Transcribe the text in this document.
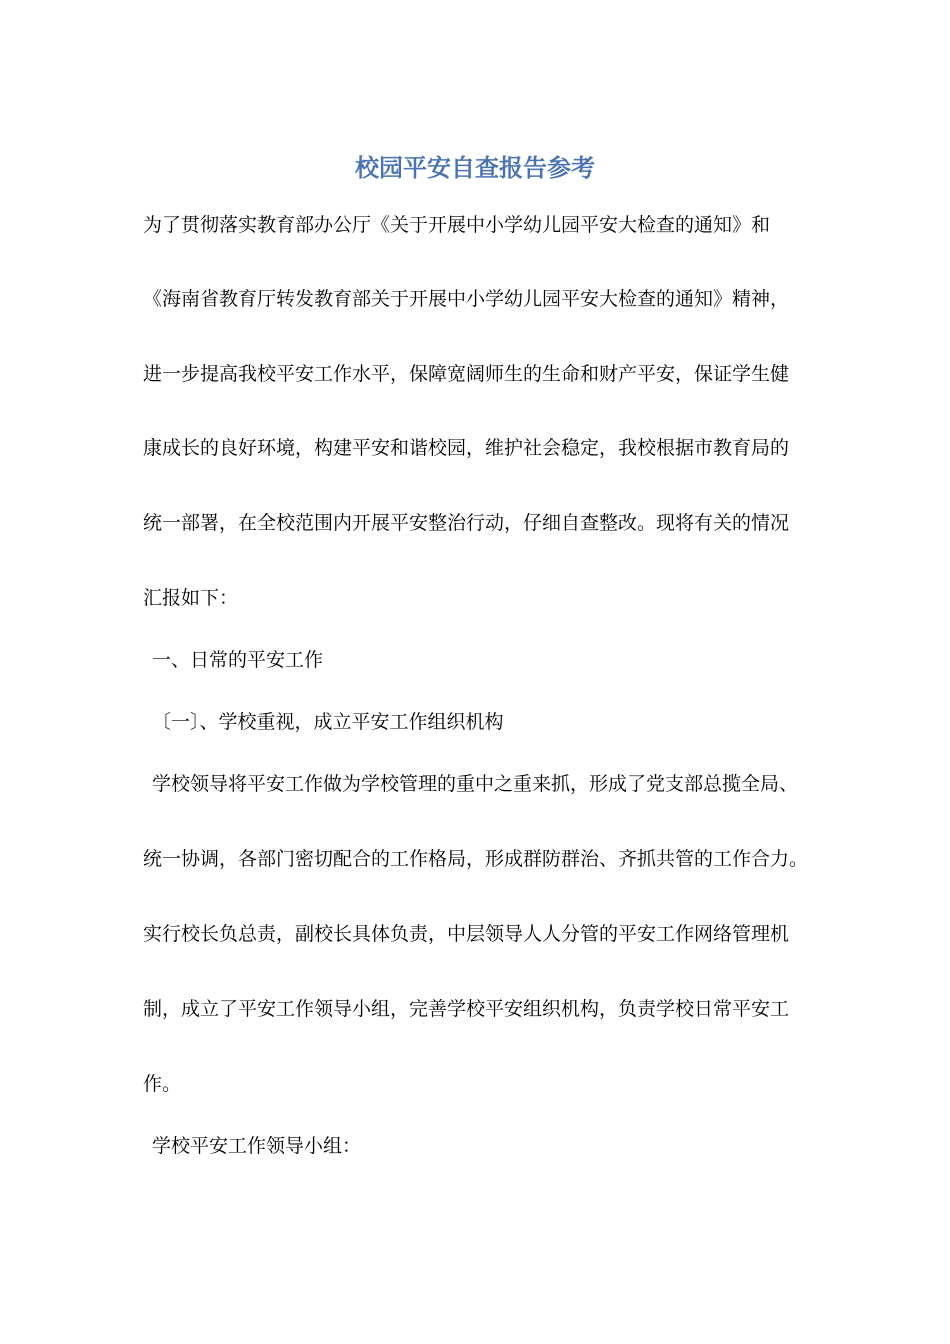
校园平安自查报告参考
为了贯彻落实教育部办公厅《关于开展中小学幼儿园平安大检查的通知》和
《海南省教育厅转发教育部关于开展中小学幼儿园平安大检查的通知》精神，
进一步提高我校平安工作水平，保障宽阔师生的生命和财产平安，保证学生健
康成长的良好环境，构建平安和谐校园，维护社会稳定，我校根据市教育局的
统一部署，在全校范围内开展平安整治行动，仔细自查整改。现将有关的情况
汇报如下：
一、日常的平安工作
〔一〕、学校重视，成立平安工作组织机构
学校领导将平安工作做为学校管理的重中之重来抓，形成了党支部总揽全局、
统一协调，各部门密切配合的工作格局，形成群防群治、齐抓共管的工作合力。
实行校长负总责，副校长具体负责，中层领导人人分管的平安工作网络管理机
制，成立了平安工作领导小组，完善学校平安组织机构，负责学校日常平安工
作。
学校平安工作领导小组：
